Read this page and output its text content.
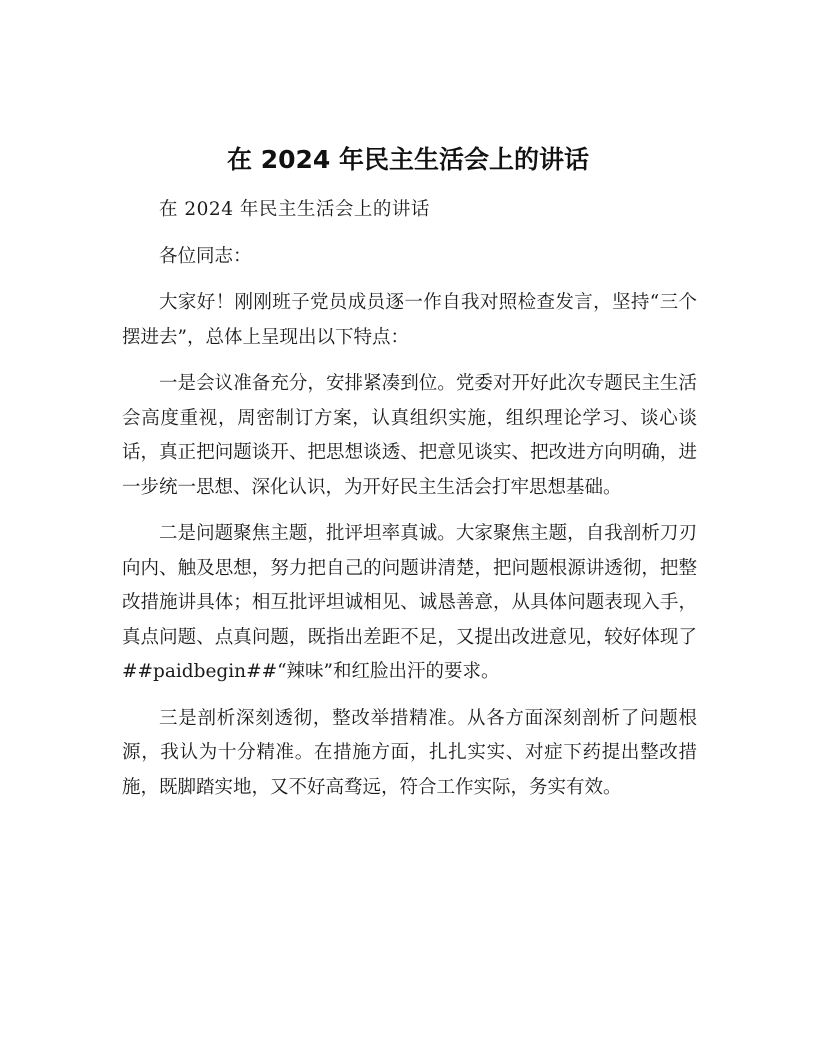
在 2024 年民主生活会上的讲话

在 2024 年民主生活会上的讲话

各位同志：

大家好！刚刚班子党员成员逐一作自我对照检查发言，坚持“三个摆进去”，总体上呈现出以下特点：

一是会议准备充分，安排紧凑到位。党委对开好此次专题民主生活会高度重视，周密制订方案，认真组织实施，组织理论学习、谈心谈话，真正把问题谈开、把思想谈透、把意见谈实、把改进方向明确，进一步统一思想、深化认识，为开好民主生活会打牢思想基础。

二是问题聚焦主题，批评坦率真诚。大家聚焦主题，自我剖析刀刃向内、触及思想，努力把自己的问题讲清楚，把问题根源讲透彻，把整改措施讲具体；相互批评坦诚相见、诚恳善意，从具体问题表现入手，真点问题、点真问题，既指出差距不足，又提出改进意见，较好体现了##paidbegin##“辣味”和红脸出汗的要求。

三是剖析深刻透彻，整改举措精准。从各方面深刻剖析了问题根源，我认为十分精准。在措施方面，扎扎实实、对症下药提出整改措施，既脚踏实地，又不好高骛远，符合工作实际，务实有效。
